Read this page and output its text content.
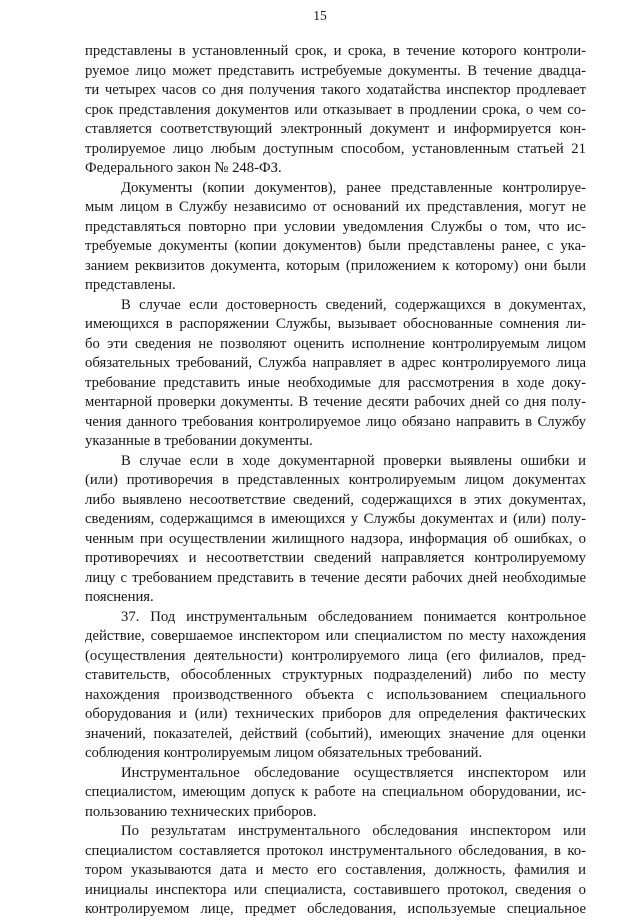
15

представлены в установленный срок, и срока, в течение которого контроли-
руемое лицо может представить истребуемые документы. В течение двадца-
ти четырех часов со дня получения такого ходатайства инспектор продлевает
срок представления документов или отказывает в продлении срока, о чем со-
ставляется соответствующий электронный документ и информируется кон-
тролируемое лицо любым доступным способом, установленным статьей 21
Федерального закон № 248-ФЗ.

Документы (копии документов), ранее представленные контролируе-
мым лицом в Службу независимо от оснований их представления, могут не
представляться повторно при условии уведомления Службы о том, что ис-
требуемые документы (копии документов) были представлены ранее, с ука-
занием реквизитов документа, которым (приложением к которому) они были
представлены.

В случае если достоверность сведений, содержащихся в документах,
имеющихся в распоряжении Службы, вызывает обоснованные сомнения ли-
бо эти сведения не позволяют оценить исполнение контролируемым лицом
обязательных требований, Служба направляет в адрес контролируемого лица
требование представить иные необходимые для рассмотрения в ходе доку-
ментарной проверки документы. В течение десяти рабочих дней со дня полу-
чения данного требования контролируемое лицо обязано направить в Службу
указанные в требовании документы.

В случае если в ходе документарной проверки выявлены ошибки и
(или) противоречия в представленных контролируемым лицом документах
либо выявлено несоответствие сведений, содержащихся в этих документах,
сведениям, содержащимся в имеющихся у Службы документах и (или) полу-
ченным при осуществлении жилищного надзора, информация об ошибках, о
противоречиях и несоответствии сведений направляется контролируемому
лицу с требованием представить в течение десяти рабочих дней необходимые
пояснения.

37. Под инструментальным обследованием понимается контрольное
действие, совершаемое инспектором или специалистом по месту нахождения
(осуществления деятельности) контролируемого лица (его филиалов, пред-
ставительств, обособленных структурных подразделений) либо по месту
нахождения производственного объекта с использованием специального
оборудования и (или) технических приборов для определения фактических
значений, показателей, действий (событий), имеющих значение для оценки
соблюдения контролируемым лицом обязательных требований.

Инструментальное обследование осуществляется инспектором или
специалистом, имеющим допуск к работе на специальном оборудовании, ис-
пользованию технических приборов.

По результатам инструментального обследования инспектором или
специалистом составляется протокол инструментального обследования, в ко-
тором указываются дата и место его составления, должность, фамилия и
инициалы инспектора или специалиста, составившего протокол, сведения о
контролируемом лице, предмет обследования, используемые специальное
